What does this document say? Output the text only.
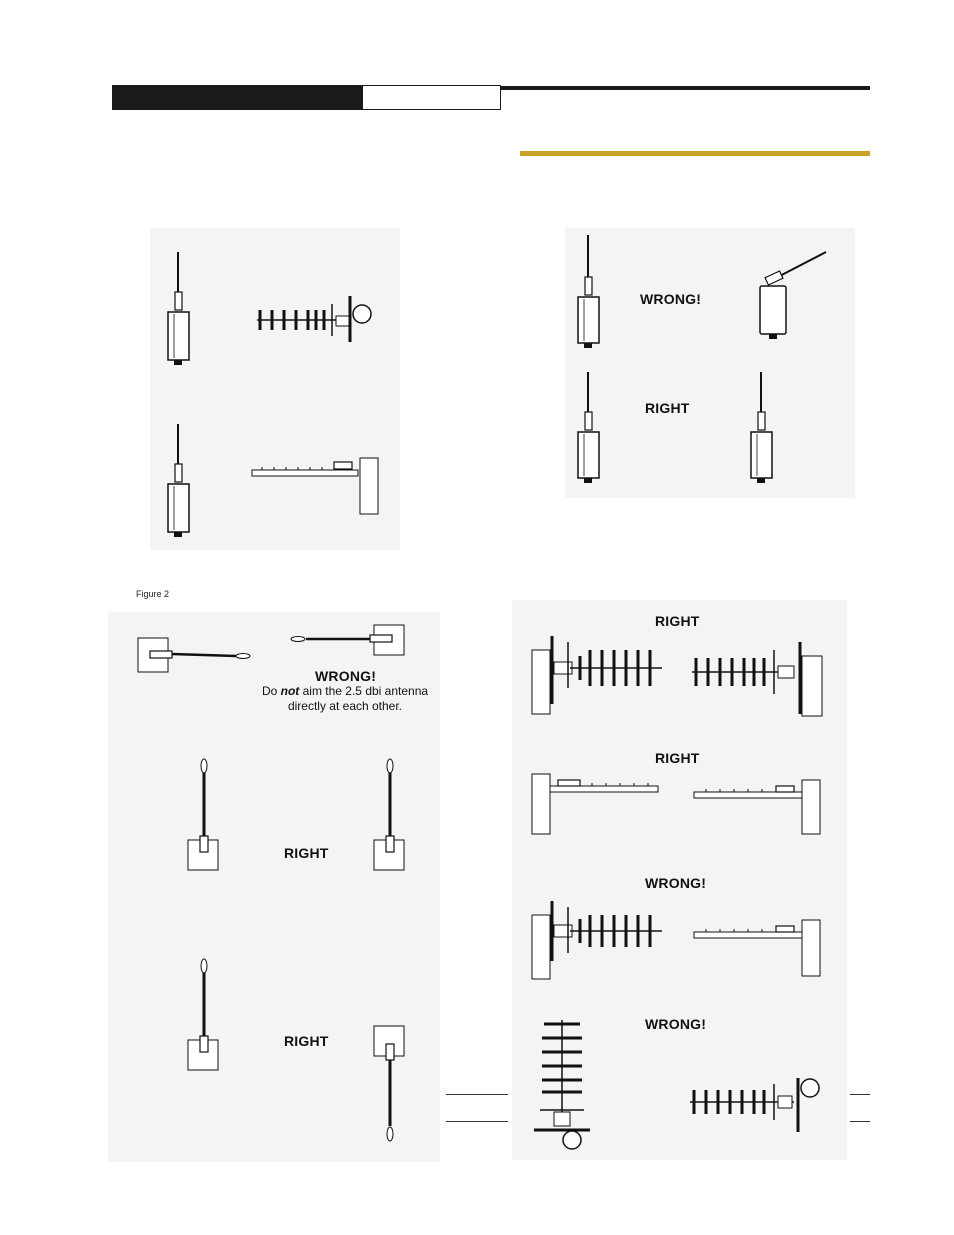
WRONG!
RIGHT
Figure 2
WRONG!
Do not aim the 2.5 dbi antenna
directly at each other.
RIGHT
RIGHT
RIGHT
RIGHT
WRONG!
WRONG!
